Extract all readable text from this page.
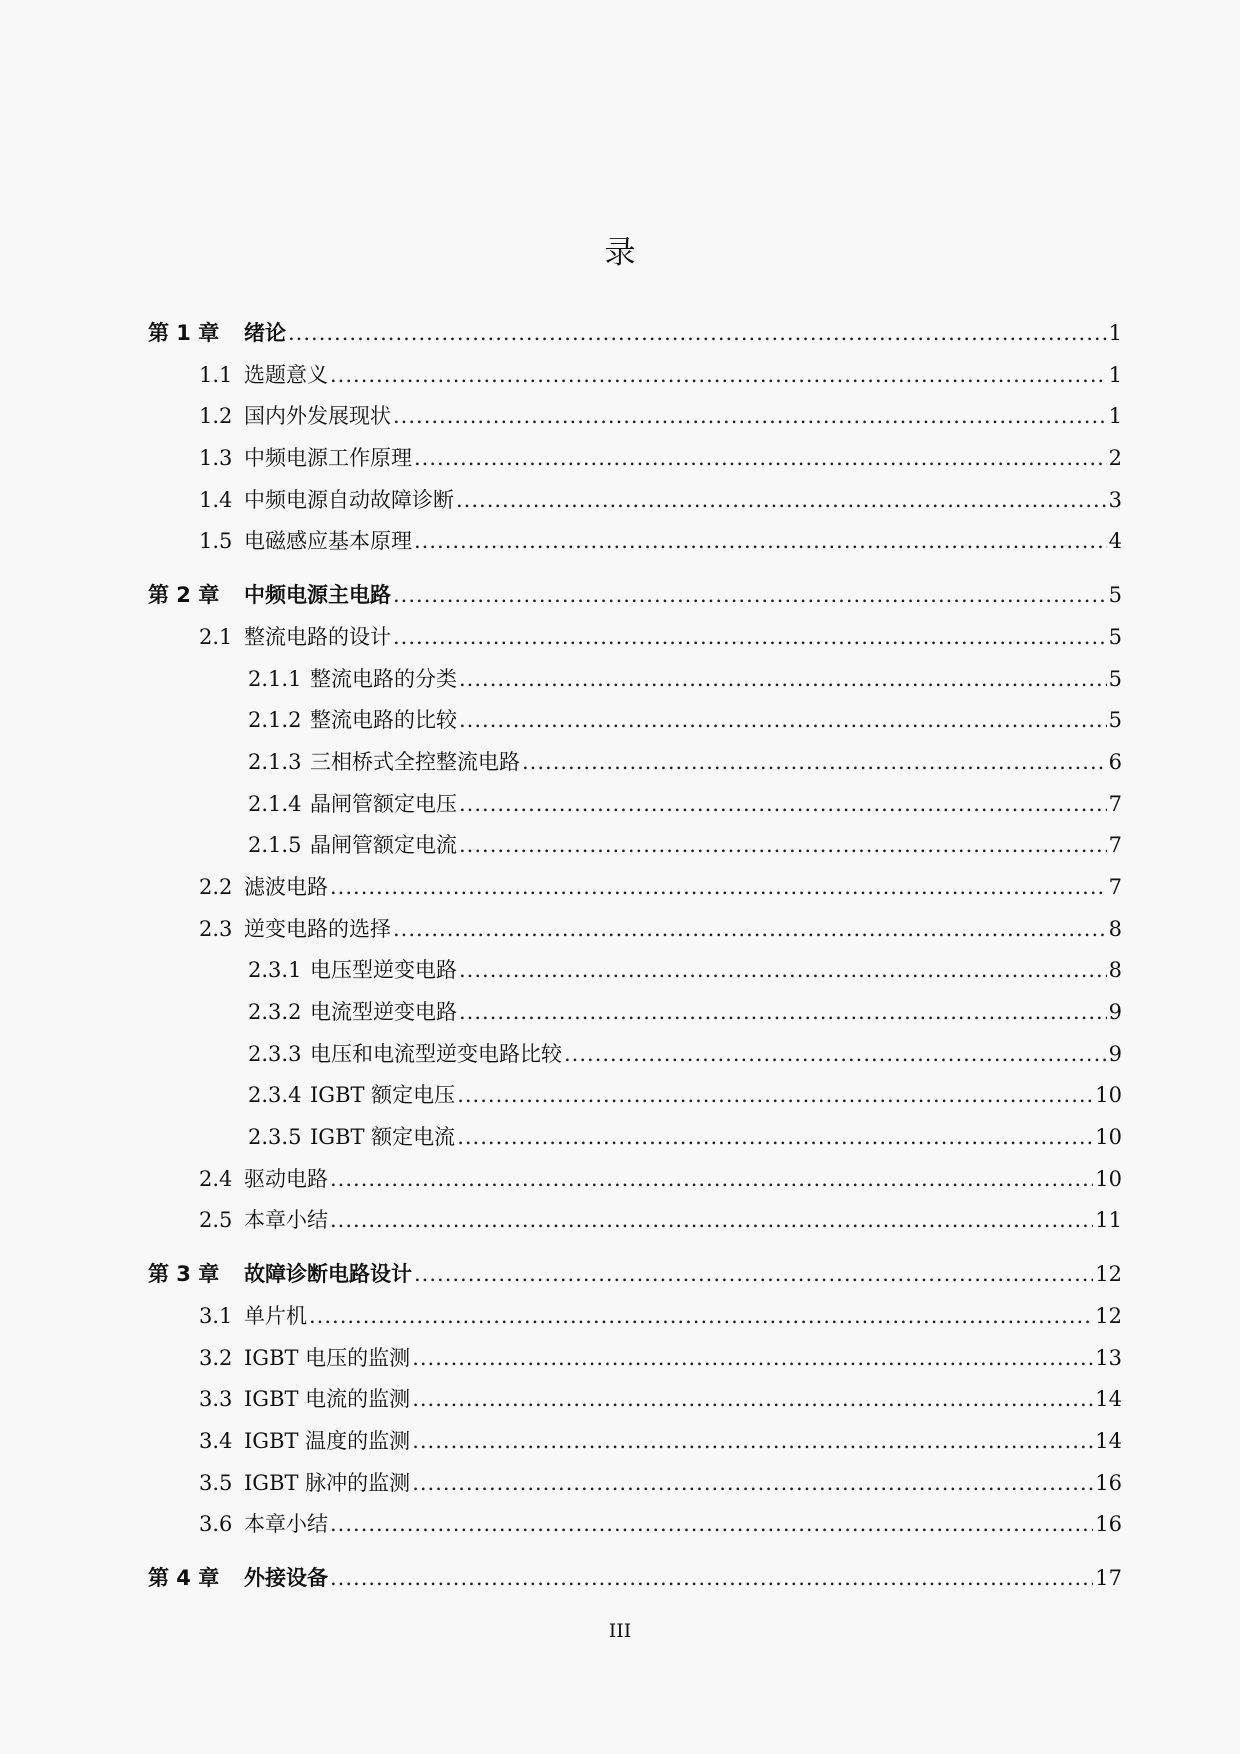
录
第 1 章	绪论 .....	1
1.1 选题意义 .....	1
1.2 国内外发展现状 .....	1
1.3 中频电源工作原理 .....	2
1.4 中频电源自动故障诊断 .....	3
1.5 电磁感应基本原理 .....	4
第 2 章	中频电源主电路 .....	5
2.1 整流电路的设计 .....	5
2.1.1 整流电路的分类 .....	5
2.1.2 整流电路的比较 .....	5
2.1.3 三相桥式全控整流电路 .....	6
2.1.4 晶闸管额定电压 .....	7
2.1.5 晶闸管额定电流 .....	7
2.2 滤波电路 .....	7
2.3 逆变电路的选择 .....	8
2.3.1 电压型逆变电路 .....	8
2.3.2 电流型逆变电路 .....	9
2.3.3 电压和电流型逆变电路比较 .....	9
2.3.4 IGBT 额定电压 .....	10
2.3.5 IGBT 额定电流 .....	10
2.4 驱动电路 .....	10
2.5 本章小结 .....	11
第 3 章	故障诊断电路设计 .....	12
3.1 单片机 .....	12
3.2 IGBT 电压的监测 .....	13
3.3 IGBT 电流的监测 .....	14
3.4 IGBT 温度的监测 .....	14
3.5 IGBT 脉冲的监测 .....	16
3.6 本章小结 .....	16
第 4 章	外接设备 .....	17
III
